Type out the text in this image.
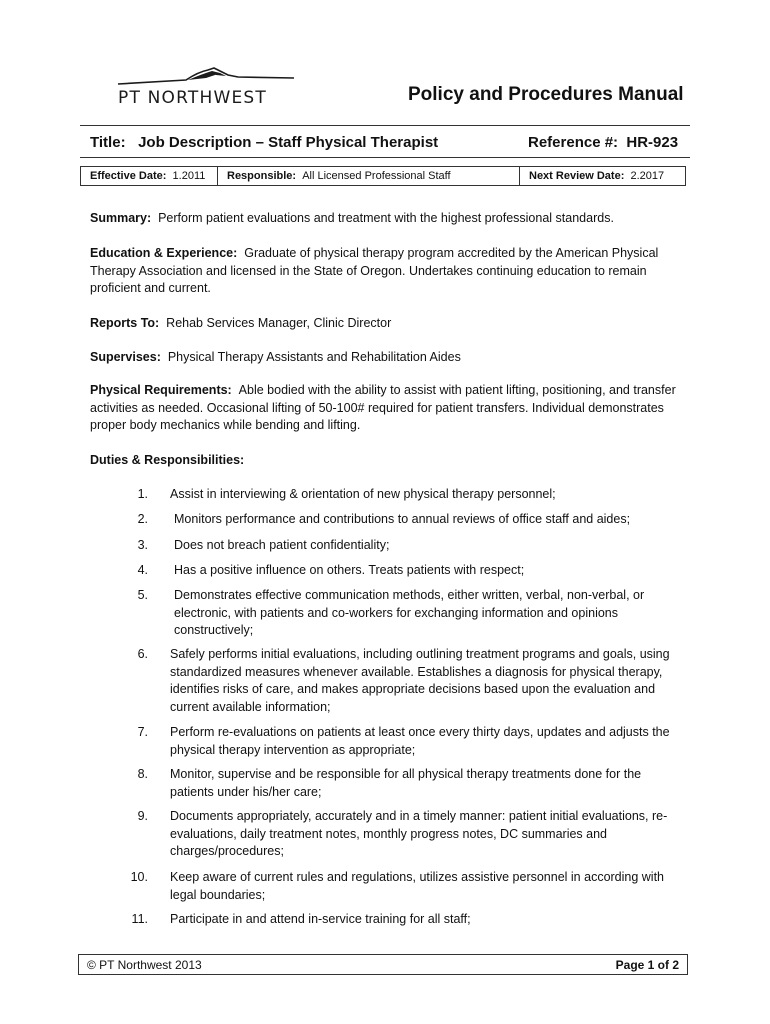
PT NORTHWEST	Policy and Procedures Manual
Title: Job Description – Staff Physical Therapist	Reference #: HR-923
Effective Date: 1.2011	Responsible: All Licensed Professional Staff	Next Review Date: 2.2017
Summary: Perform patient evaluations and treatment with the highest professional standards.
Education & Experience: Graduate of physical therapy program accredited by the American Physical Therapy Association and licensed in the State of Oregon. Undertakes continuing education to remain proficient and current.
Reports To: Rehab Services Manager, Clinic Director
Supervises: Physical Therapy Assistants and Rehabilitation Aides
Physical Requirements: Able bodied with the ability to assist with patient lifting, positioning, and transfer activities as needed. Occasional lifting of 50-100# required for patient transfers. Individual demonstrates proper body mechanics while bending and lifting.
Duties & Responsibilities:
1. Assist in interviewing & orientation of new physical therapy personnel;
2. Monitors performance and contributions to annual reviews of office staff and aides;
3. Does not breach patient confidentiality;
4. Has a positive influence on others. Treats patients with respect;
5. Demonstrates effective communication methods, either written, verbal, non-verbal, or electronic, with patients and co-workers for exchanging information and opinions constructively;
6. Safely performs initial evaluations, including outlining treatment programs and goals, using standardized measures whenever available. Establishes a diagnosis for physical therapy, identifies risks of care, and makes appropriate decisions based upon the evaluation and current available information;
7. Perform re-evaluations on patients at least once every thirty days, updates and adjusts the physical therapy intervention as appropriate;
8. Monitor, supervise and be responsible for all physical therapy treatments done for the patients under his/her care;
9. Documents appropriately, accurately and in a timely manner: patient initial evaluations, re-evaluations, daily treatment notes, monthly progress notes, DC summaries and charges/procedures;
10. Keep aware of current rules and regulations, utilizes assistive personnel in according with legal boundaries;
11. Participate in and attend in-service training for all staff;
© PT Northwest 2013	Page 1 of 2
